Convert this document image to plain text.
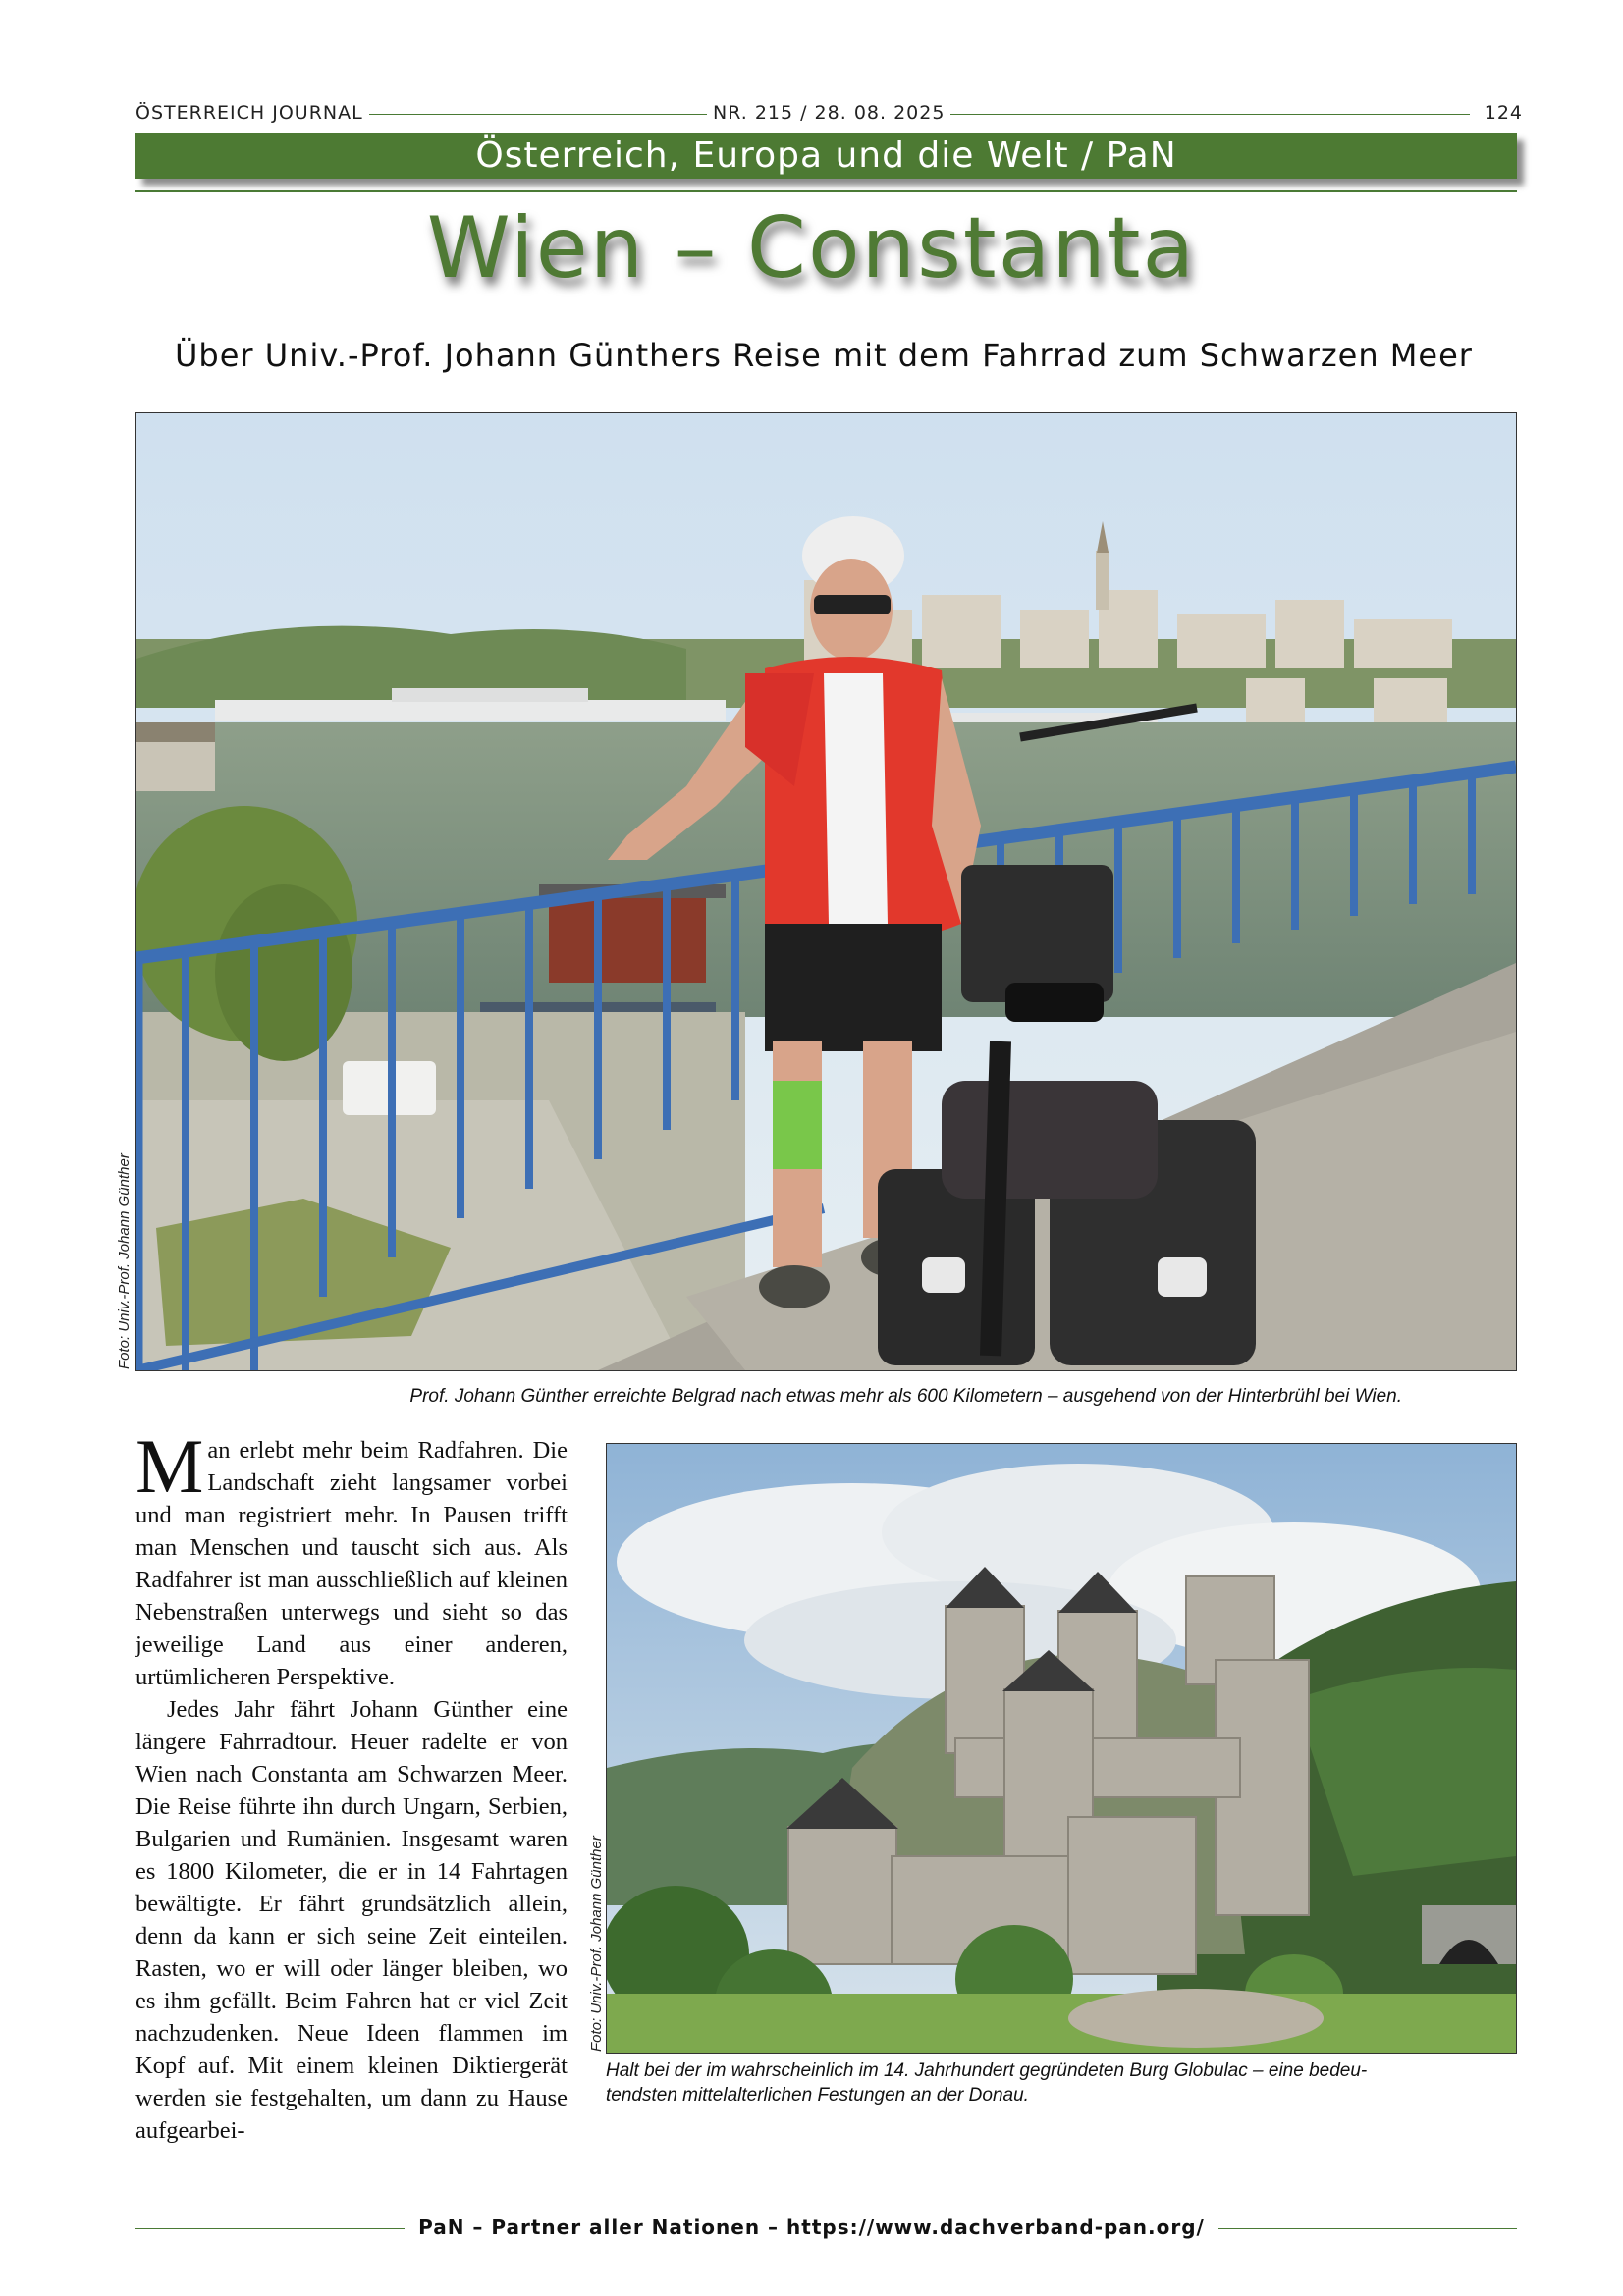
ÖSTERREICH JOURNAL	NR. 215 / 28. 08. 2025	124
Österreich, Europa und die Welt / PaN
Wien – Constanta
Über Univ.-Prof. Johann Günthers Reise mit dem Fahrrad zum Schwarzen Meer
Foto: Univ.-Prof. Johann Günther
Prof. Johann Günther erreichte Belgrad nach etwas mehr als 600 Kilometern – ausgehend von der Hinterbrühl bei Wien.
Foto: Univ.-Prof. Johann Günther
Halt bei der im wahrscheinlich im 14. Jahrhundert gegründeten Burg Globulac – eine bedeu-
tendsten mittelalterlichen Festungen an der Donau.

Man erlebt mehr beim Radfahren. Die Landschaft zieht langsamer vorbei und man registriert mehr. In Pausen trifft man Menschen und tauscht sich aus. Als Radfahrer ist man ausschließlich auf kleinen Nebenstraßen unterwegs und sieht so das jeweilige Land aus einer anderen, urtümlicheren Perspektive.

Jedes Jahr fährt Johann Günther eine längere Fahrradtour. Heuer radelte er von Wien nach Constanta am Schwarzen Meer. Die Reise führte ihn durch Ungarn, Serbien, Bulgarien und Rumänien. Insgesamt waren es 1800 Kilometer, die er in 14 Fahrtagen bewältigte. Er fährt grundsätzlich allein, denn da kann er sich seine Zeit einteilen. Rasten, wo er will oder länger bleiben, wo es ihm gefällt. Beim Fahren hat er viel Zeit nachzudenken. Neue Ideen flammen im Kopf auf. Mit einem kleinen Diktiergerät werden sie festgehalten, um dann zu Hause aufgearbei-

PaN – Partner aller Nationen – https://www.dachverband-pan.org/
